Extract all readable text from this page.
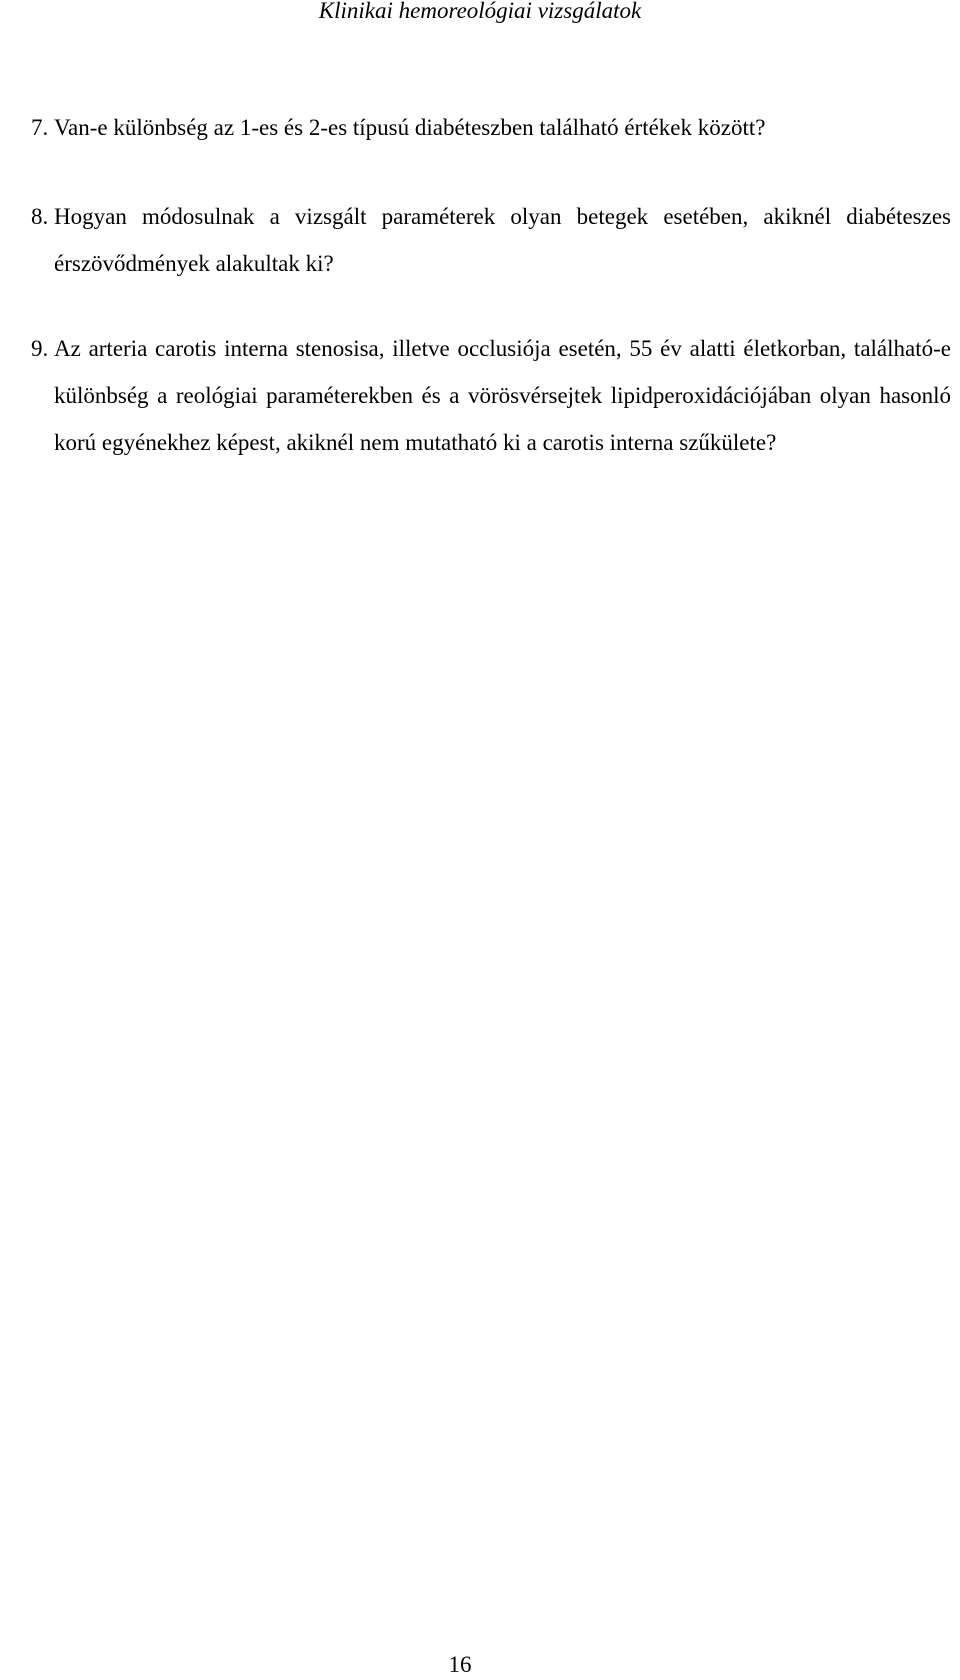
Klinikai hemoreológiai vizsgálatok
7. Van-e különbség az 1-es és 2-es típusú diabéteszben található értékek között?
8. Hogyan módosulnak a vizsgált paraméterek olyan betegek esetében, akiknél diabéteszes érszövődmények alakultak ki?
9. Az arteria carotis interna stenosisa, illetve occlusiója esetén, 55 év alatti életkorban, található-e különbség a reológiai paraméterekben és a vörösvérsejtek lipidperoxidációjában olyan hasonló korú egyénekhez képest, akiknél nem mutatható ki a carotis interna szűkülete?
16
